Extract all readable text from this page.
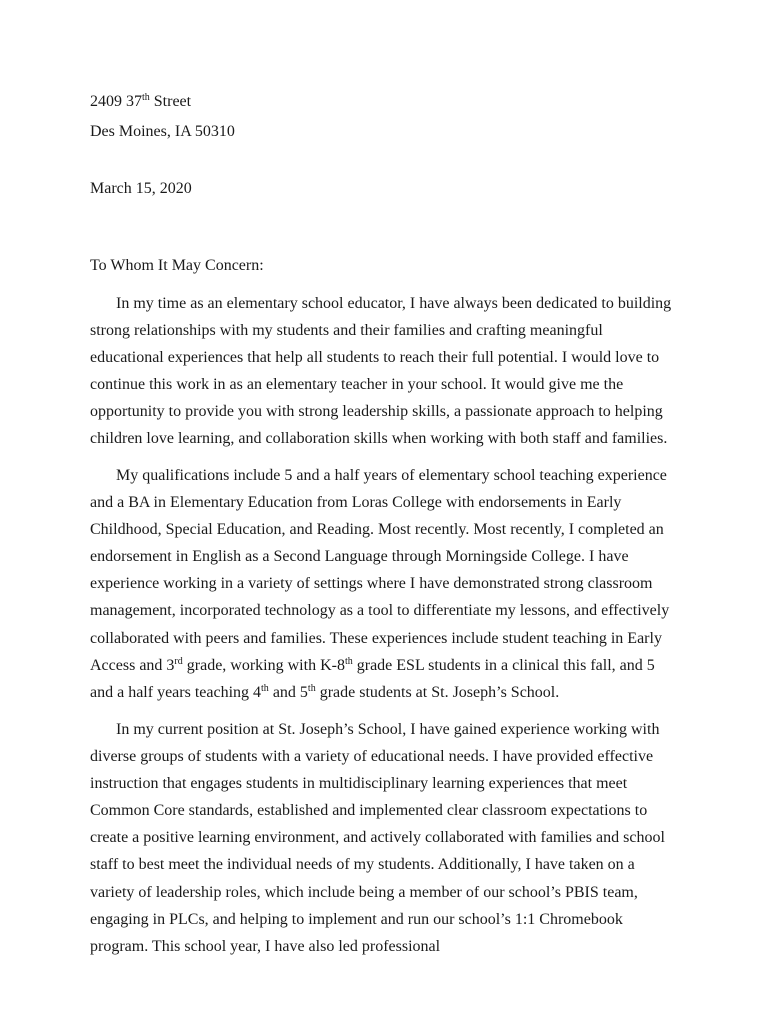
2409 37th Street

Des Moines, IA 50310

March 15, 2020

To Whom It May Concern:

In my time as an elementary school educator, I have always been dedicated to building strong relationships with my students and their families and crafting meaningful educational experiences that help all students to reach their full potential. I would love to continue this work in as an elementary teacher in your school. It would give me the opportunity to provide you with strong leadership skills, a passionate approach to helping children love learning, and collaboration skills when working with both staff and families.

My qualifications include 5 and a half years of elementary school teaching experience and a BA in Elementary Education from Loras College with endorsements in Early Childhood, Special Education, and Reading. Most recently. Most recently, I completed an endorsement in English as a Second Language through Morningside College. I have experience working in a variety of settings where I have demonstrated strong classroom management, incorporated technology as a tool to differentiate my lessons, and effectively collaborated with peers and families. These experiences include student teaching in Early Access and 3rd grade, working with K-8th grade ESL students in a clinical this fall, and 5 and a half years teaching 4th and 5th grade students at St. Joseph’s School.

In my current position at St. Joseph’s School, I have gained experience working with diverse groups of students with a variety of educational needs. I have provided effective instruction that engages students in multidisciplinary learning experiences that meet Common Core standards, established and implemented clear classroom expectations to create a positive learning environment, and actively collaborated with families and school staff to best meet the individual needs of my students. Additionally, I have taken on a variety of leadership roles, which include being a member of our school’s PBIS team, engaging in PLCs, and helping to implement and run our school’s 1:1 Chromebook program. This school year, I have also led professional
